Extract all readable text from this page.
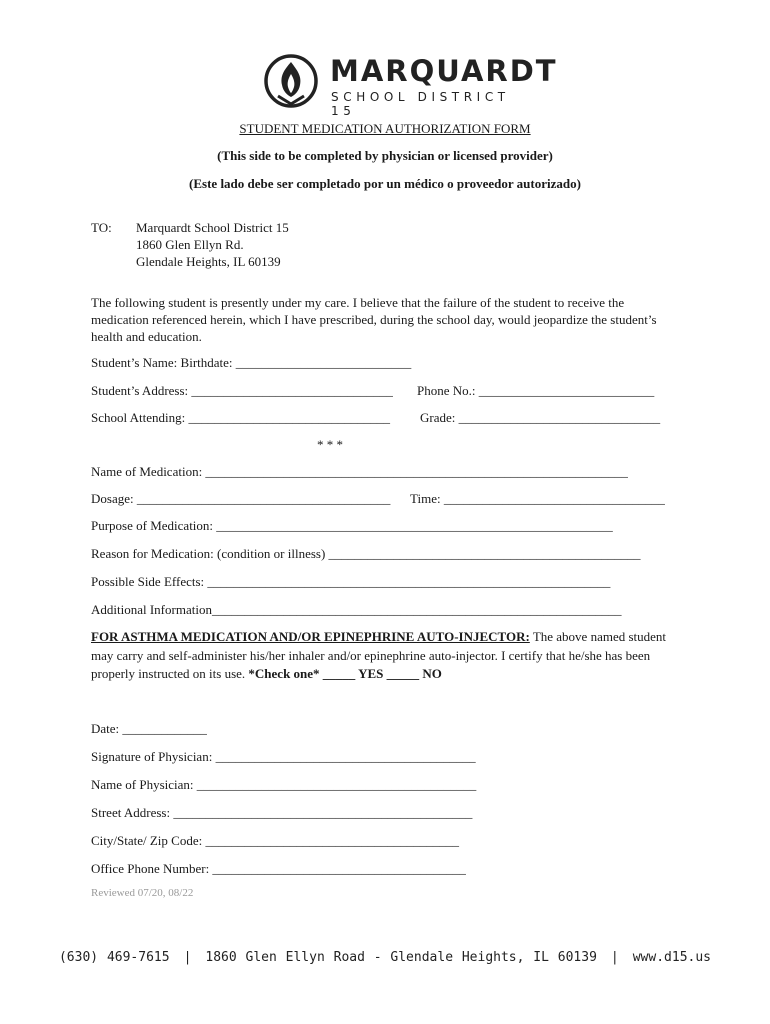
MARQUARDT
SCHOOL DISTRICT 15
STUDENT MEDICATION AUTHORIZATION FORM
(This side to be completed by physician or licensed provider)
(Este lado debe ser completado por un médico o proveedor autorizado)
TO: Marquardt School District 15
1860 Glen Ellyn Rd.
Glendale Heights, IL 60139
The following student is presently under my care. I believe that the failure of the student to receive the medication referenced herein, which I have prescribed, during the school day, would jeopardize the student’s health and education.
Student’s Name: Birthdate: ___________________________
Student’s Address: _______________________________ Phone No.: ___________________________
School Attending: _______________________________ Grade: _______________________________
* * *
Name of Medication: _________________________________________________________________
Dosage: _______________________________________ Time: __________________________________
Purpose of Medication: _____________________________________________________________
Reason for Medication: (condition or illness) ________________________________________________
Possible Side Effects: ______________________________________________________________
Additional Information_______________________________________________________________
FOR ASTHMA MEDICATION AND/OR EPINEPHRINE AUTO-INJECTOR: The above named student may carry and self-administer his/her inhaler and/or epinephrine auto-injector. I certify that he/she has been properly instructed on its use. *Check one* _____ YES _____ NO
Date: _____________
Signature of Physician: ________________________________________
Name of Physician: ___________________________________________
Street Address: ______________________________________________
City/State/ Zip Code: _______________________________________
Office Phone Number: _______________________________________
Reviewed 07/20, 08/22
(630) 469-7615 | 1860 Glen Ellyn Road - Glendale Heights, IL 60139 | www.d15.us
